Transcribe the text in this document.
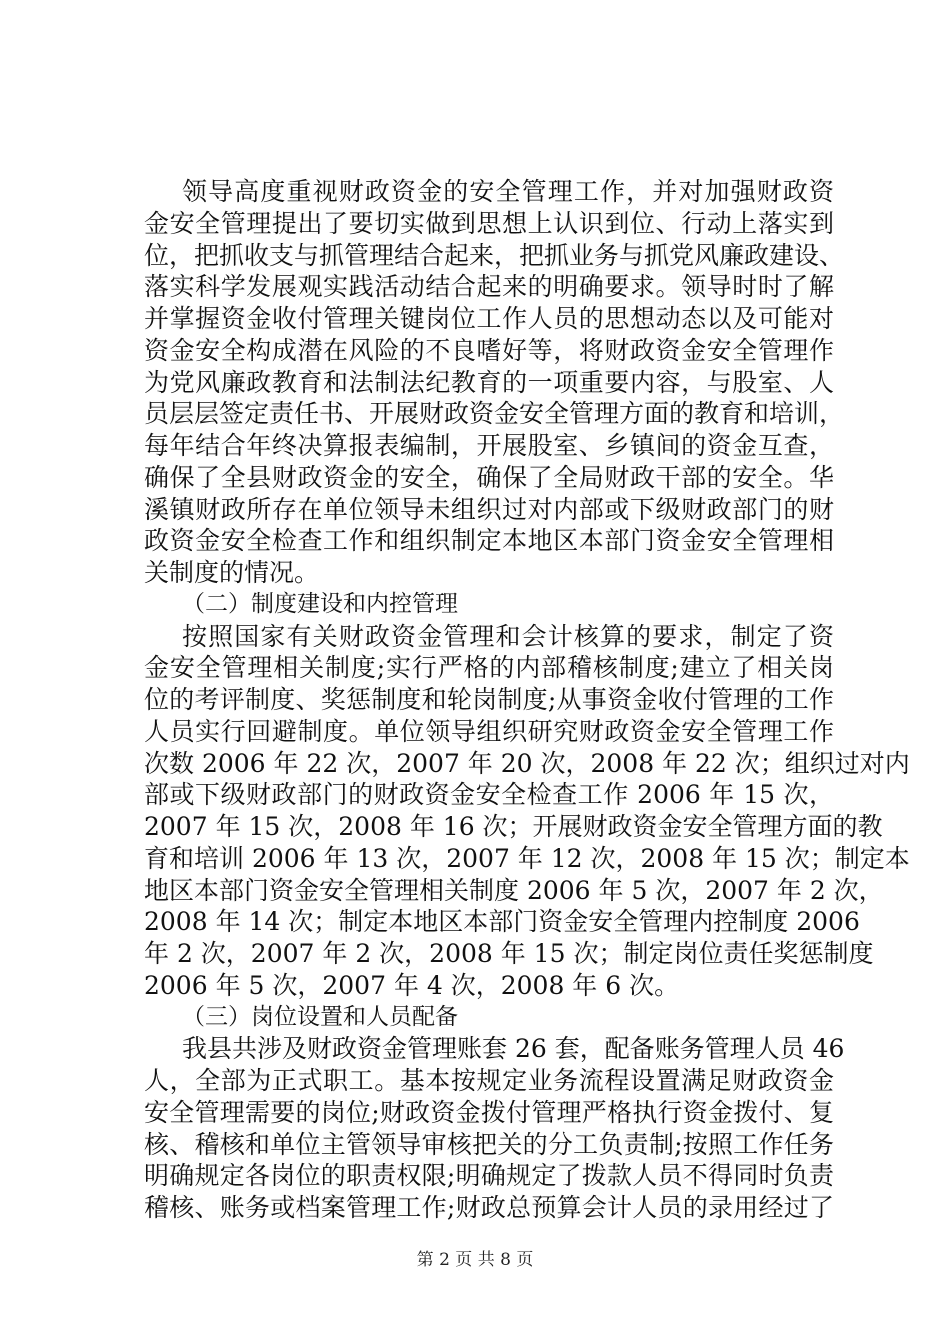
领导高度重视财政资金的安全管理工作，并对加强财政资
金安全管理提出了要切实做到思想上认识到位、行动上落实到
位，把抓收支与抓管理结合起来，把抓业务与抓党风廉政建设、
落实科学发展观实践活动结合起来的明确要求。领导时时了解
并掌握资金收付管理关键岗位工作人员的思想动态以及可能对
资金安全构成潜在风险的不良嗜好等，将财政资金安全管理作
为党风廉政教育和法制法纪教育的一项重要内容，与股室、人
员层层签定责任书、开展财政资金安全管理方面的教育和培训，
每年结合年终决算报表编制，开展股室、乡镇间的资金互查，
确保了全县财政资金的安全，确保了全局财政干部的安全。华
溪镇财政所存在单位领导未组织过对内部或下级财政部门的财
政资金安全检查工作和组织制定本地区本部门资金安全管理相
关制度的情况。
（二）制度建设和内控管理
按照国家有关财政资金管理和会计核算的要求，制定了资
金安全管理相关制度;实行严格的内部稽核制度;建立了相关岗
位的考评制度、奖惩制度和轮岗制度;从事资金收付管理的工作
人员实行回避制度。单位领导组织研究财政资金安全管理工作
次数 2006 年 22 次，2007 年 20 次，2008 年 22 次；组织过对内
部或下级财政部门的财政资金安全检查工作 2006 年 15 次，
2007 年 15 次，2008 年 16 次；开展财政资金安全管理方面的教
育和培训 2006 年 13 次，2007 年 12 次，2008 年 15 次；制定本
地区本部门资金安全管理相关制度 2006 年 5 次，2007 年 2 次，
2008 年 14 次；制定本地区本部门资金安全管理内控制度 2006
年 2 次，2007 年 2 次，2008 年 15 次；制定岗位责任奖惩制度
2006 年 5 次，2007 年 4 次，2008 年 6 次。
（三）岗位设置和人员配备
我县共涉及财政资金管理账套 26 套，配备账务管理人员 46
人，全部为正式职工。基本按规定业务流程设置满足财政资金
安全管理需要的岗位;财政资金拨付管理严格执行资金拨付、复
核、稽核和单位主管领导审核把关的分工负责制;按照工作任务
明确规定各岗位的职责权限;明确规定了拨款人员不得同时负责
稽核、账务或档案管理工作;财政总预算会计人员的录用经过了
第 2 页 共 8 页
